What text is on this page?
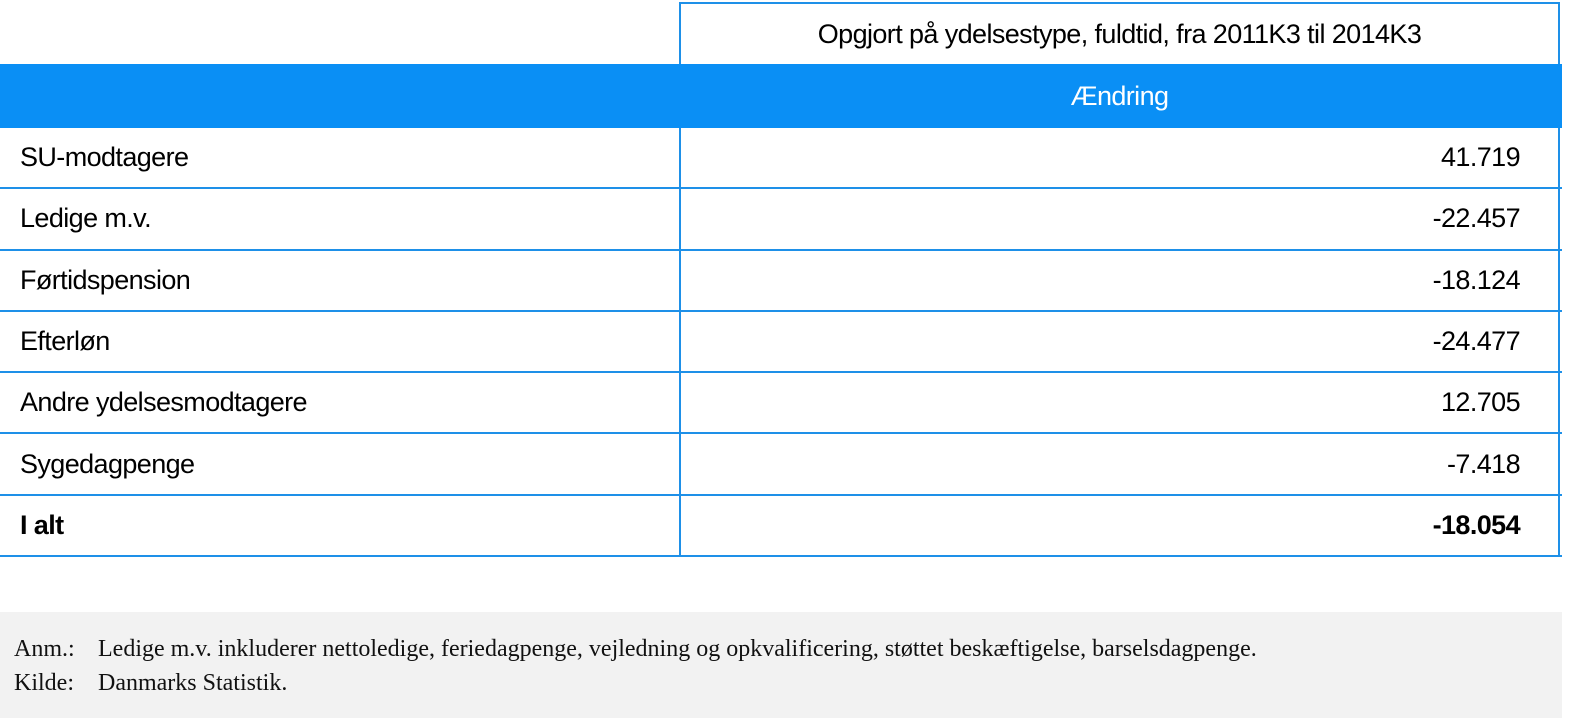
Opgjort på ydelsestype, fuldtid, fra 2011K3 til 2014K3
Ændring
SU-modtagere	41.719
Ledige m.v.	-22.457
Førtidspension	-18.124
Efterløn	-24.477
Andre ydelsesmodtagere	12.705
Sygedagpenge	-7.418
I alt	-18.054
Anm.: Ledige m.v. inkluderer nettoledige, feriedagpenge, vejledning og opkvalificering, støttet beskæftigelse, barselsdagpenge.
Kilde:	Danmarks Statistik.
